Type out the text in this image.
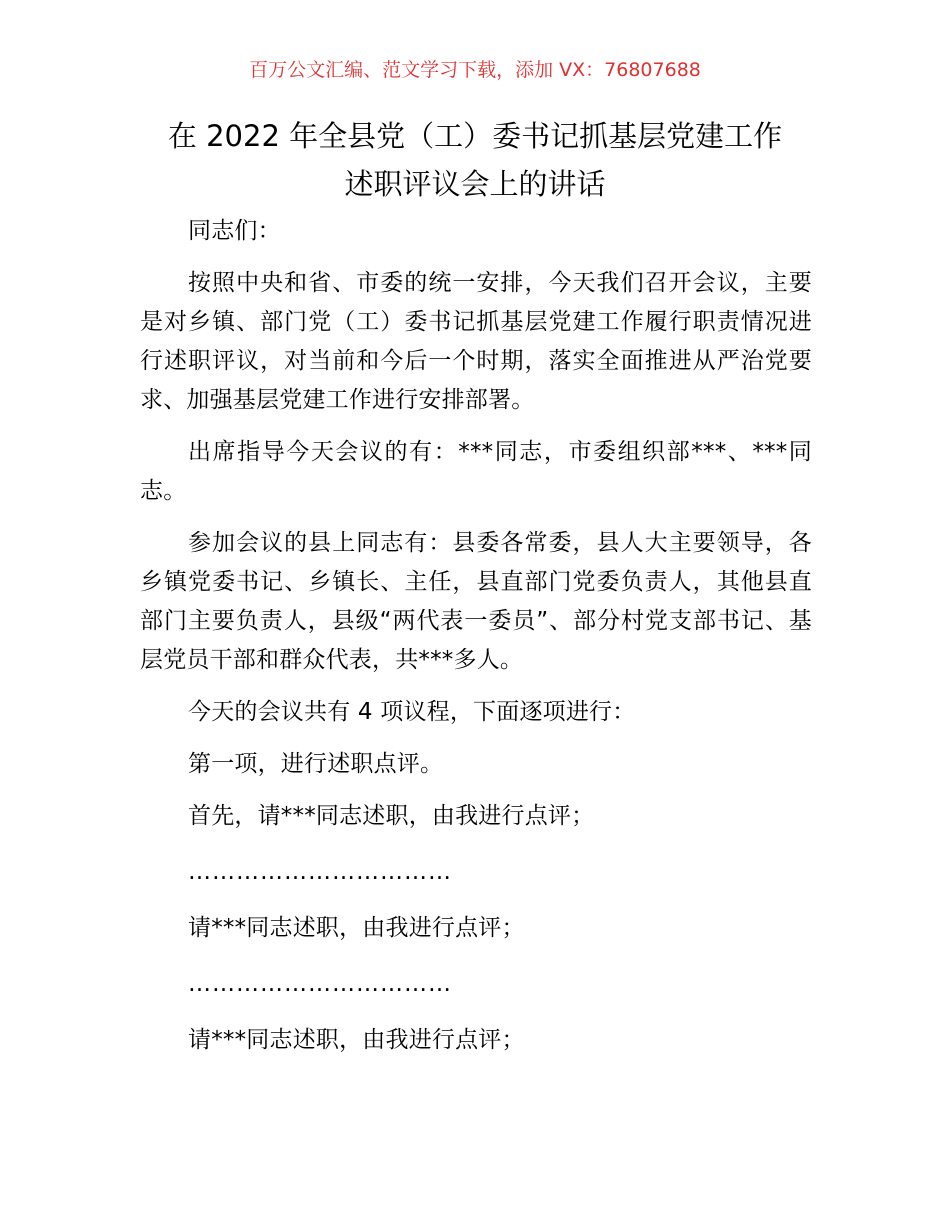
百万公文汇编、范文学习下载，添加 VX：76807688
在 2022 年全县党（工）委书记抓基层党建工作
述职评议会上的讲话

同志们：

按照中央和省、市委的统一安排，今天我们召开会议，主要是对乡镇、部门党（工）委书记抓基层党建工作履行职责情况进行述职评议，对当前和今后一个时期，落实全面推进从严治党要求、加强基层党建工作进行安排部署。

出席指导今天会议的有：***同志，市委组织部***、***同志。

参加会议的县上同志有：县委各常委，县人大主要领导，各乡镇党委书记、乡镇长、主任，县直部门党委负责人，其他县直部门主要负责人，县级“两代表一委员”、部分村党支部书记、基层党员干部和群众代表，共***多人。

今天的会议共有 4 项议程，下面逐项进行：

第一项，进行述职点评。

首先，请***同志述职，由我进行点评；

……………………………

请***同志述职，由我进行点评；

……………………………

请***同志述职，由我进行点评；
